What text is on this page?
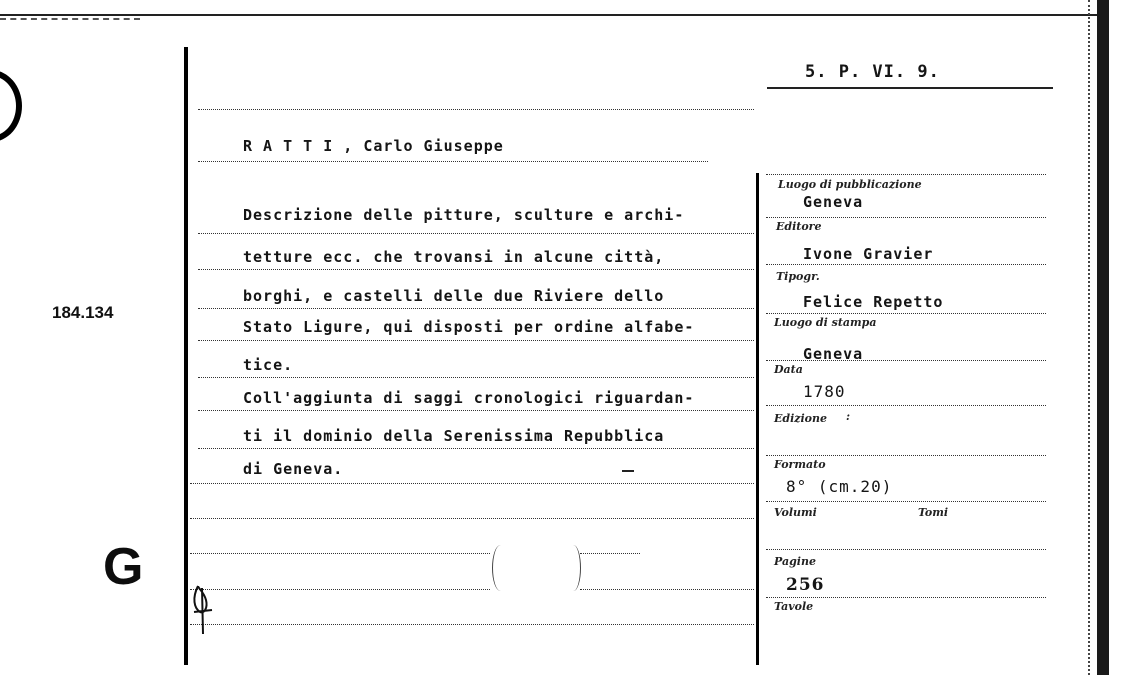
5. P. VI. 9.
R A T T I , Carlo Giuseppe
Descrizione delle pitture, sculture e archi-
tetture ecc. che trovansi in alcune città,
borghi, e castelli delle due Riviere dello
Stato Ligure, qui disposti per ordine alfabe-
tice.
Coll'aggiunta di saggi cronologici riguardan-
ti il dominio della Serenissima Repubblica
di Geneva.
184.134
G
Luogo di pubblicazione
Geneva
Editore
Ivone Gravier
Tipogr.
Felice Repetto
Luogo di stampa
Geneva
Data
1780
Edizione :
Formato
8° (cm.20)
Volumi	Tomi
Pagine
256
Tavole
